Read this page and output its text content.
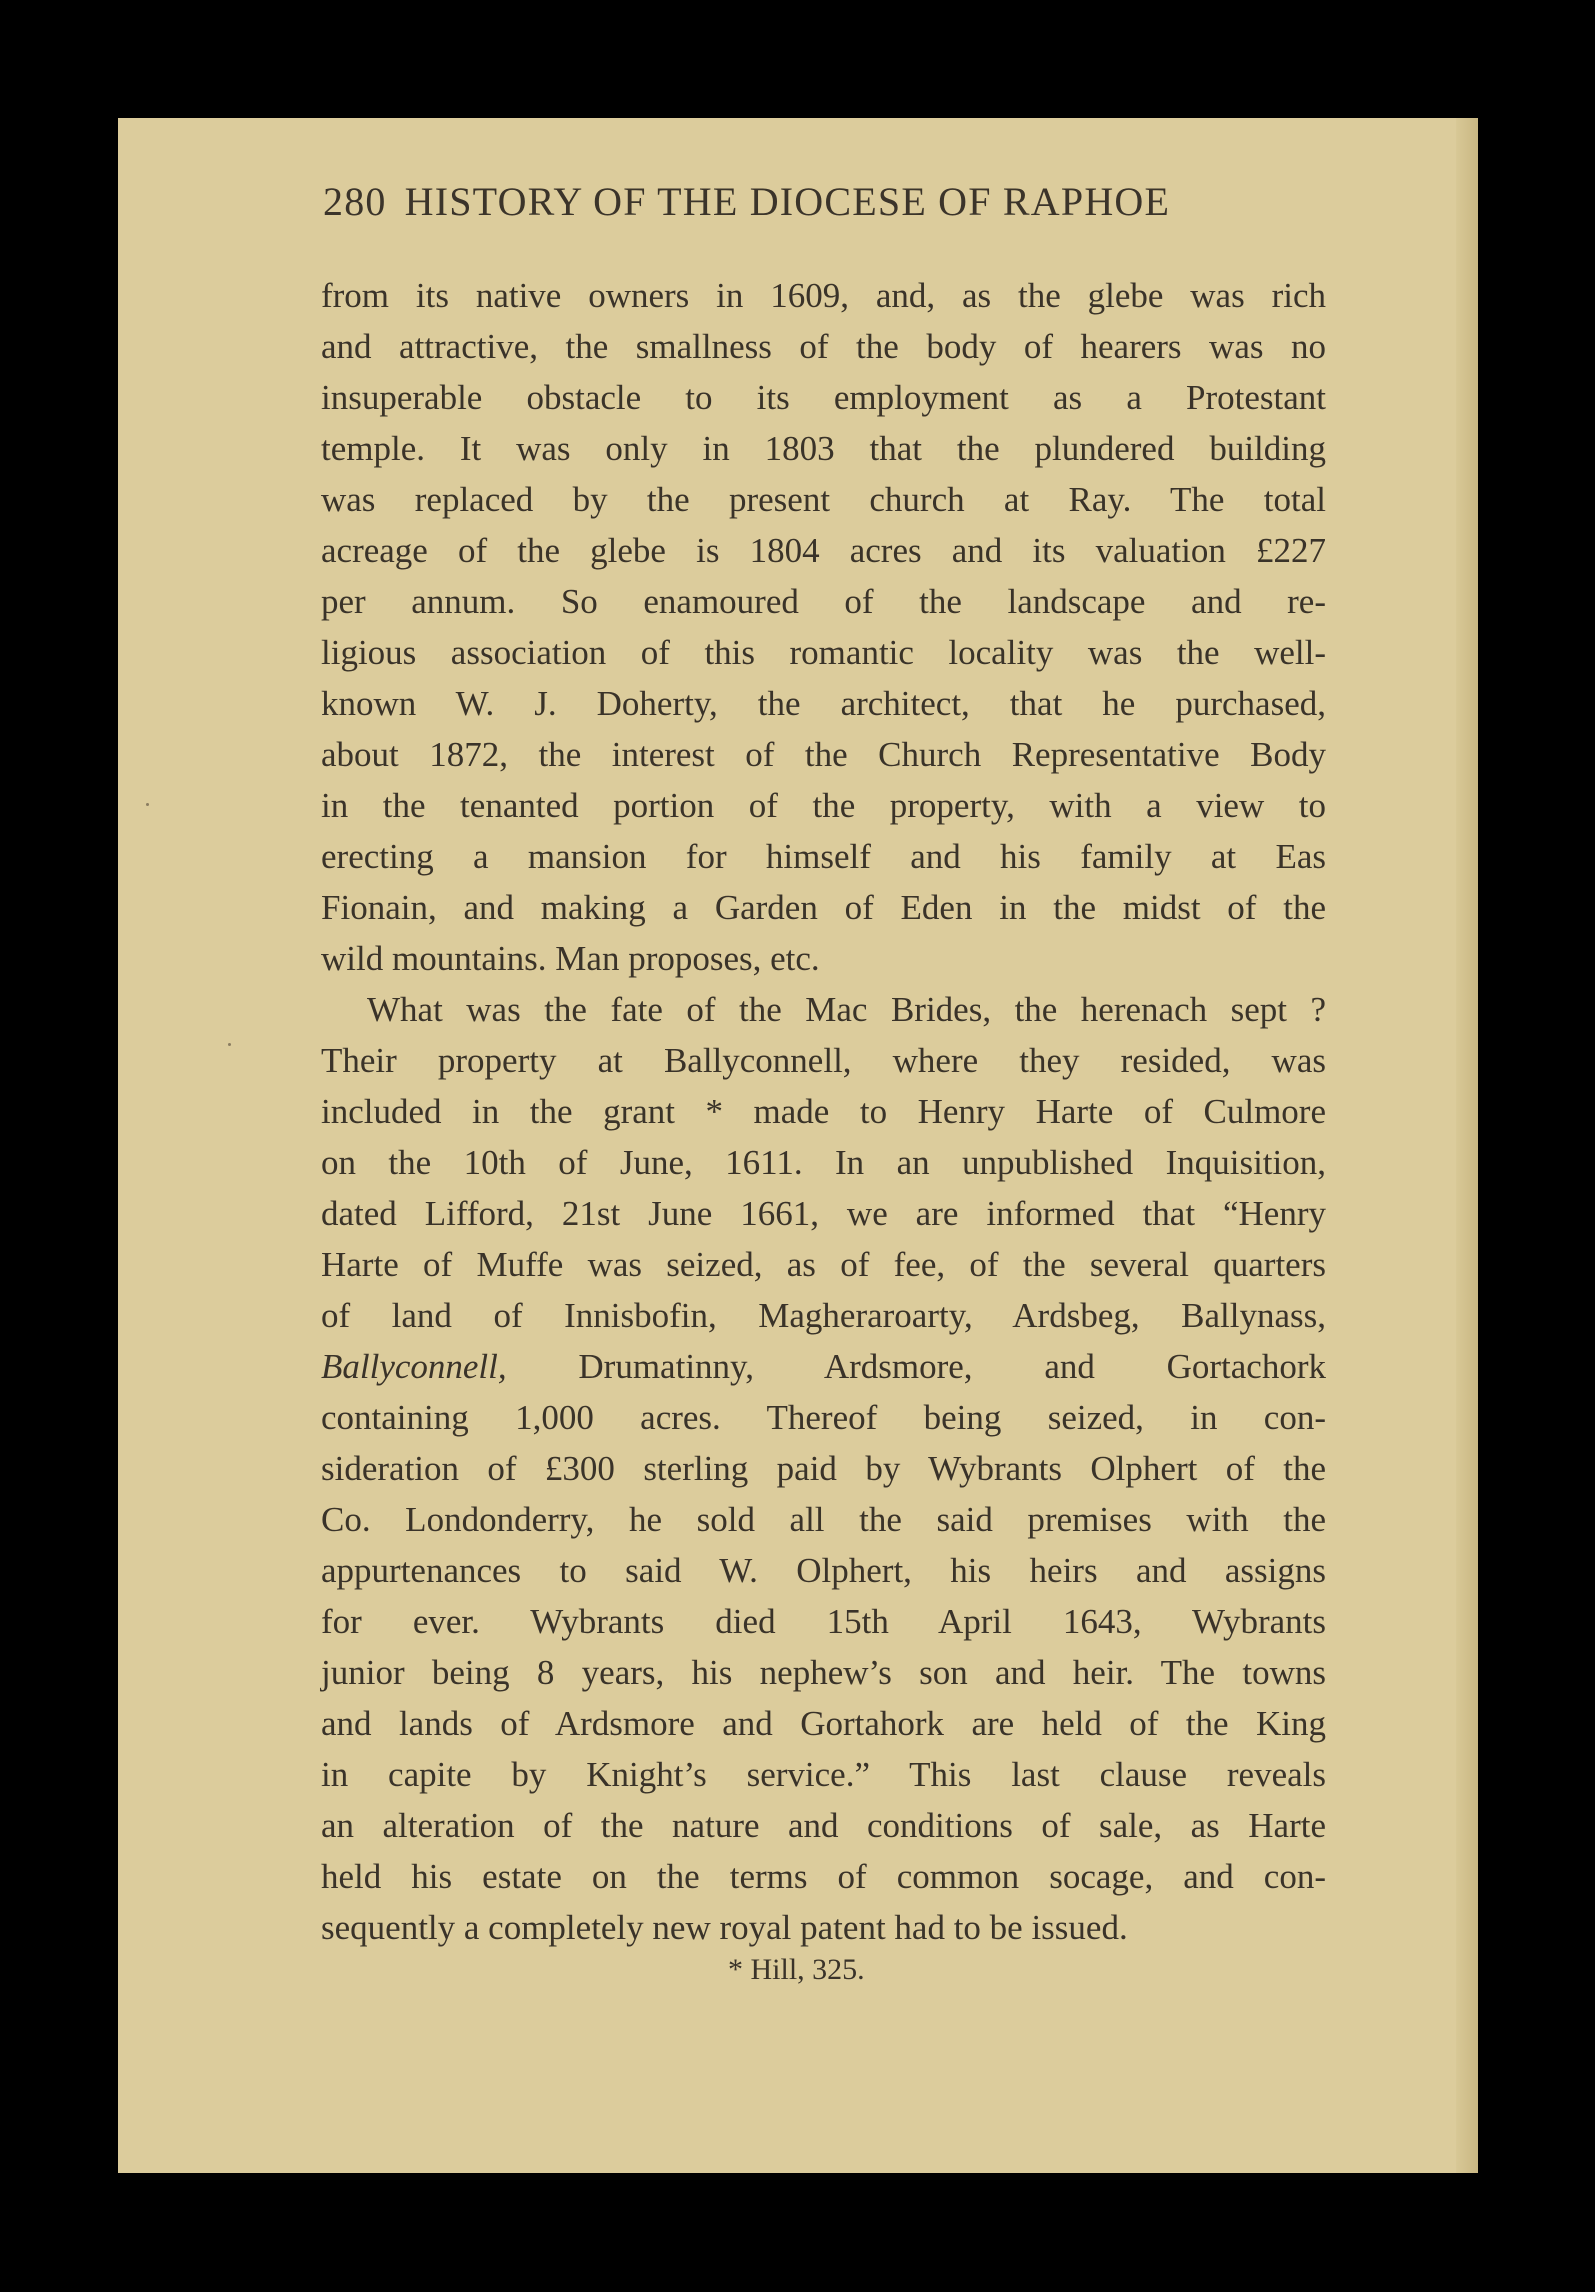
280 HISTORY OF THE DIOCESE OF RAPHOE
from its native owners in 1609, and, as the glebe was rich
and attractive, the smallness of the body of hearers was no
insuperable obstacle to its employment as a Protestant
temple. It was only in 1803 that the plundered building
was replaced by the present church at Ray. The total
acreage of the glebe is 1804 acres and its valuation £227
per annum. So enamoured of the landscape and re-
ligious association of this romantic locality was the well-
known W. J. Doherty, the architect, that he purchased,
about 1872, the interest of the Church Representative Body
in the tenanted portion of the property, with a view to
erecting a mansion for himself and his family at Eas
Fionain, and making a Garden of Eden in the midst of the
wild mountains. Man proposes, etc.
What was the fate of the Mac Brides, the herenach sept ?
Their property at Ballyconnell, where they resided, was
included in the grant * made to Henry Harte of Culmore
on the 10th of June, 1611. In an unpublished Inquisition,
dated Lifford, 21st June 1661, we are informed that “Henry
Harte of Muffe was seized, as of fee, of the several quarters
of land of Innisbofin, Magheraroarty, Ardsbeg, Ballynass,
Ballyconnell, Drumatinny, Ardsmore, and Gortachork
containing 1,000 acres. Thereof being seized, in con-
sideration of £300 sterling paid by Wybrants Olphert of the
Co. Londonderry, he sold all the said premises with the
appurtenances to said W. Olphert, his heirs and assigns
for ever. Wybrants died 15th April 1643, Wybrants
junior being 8 years, his nephew’s son and heir. The towns
and lands of Ardsmore and Gortahork are held of the King
in capite by Knight’s service.” This last clause reveals
an alteration of the nature and conditions of sale, as Harte
held his estate on the terms of common socage, and con-
sequently a completely new royal patent had to be issued.
* Hill, 325.
